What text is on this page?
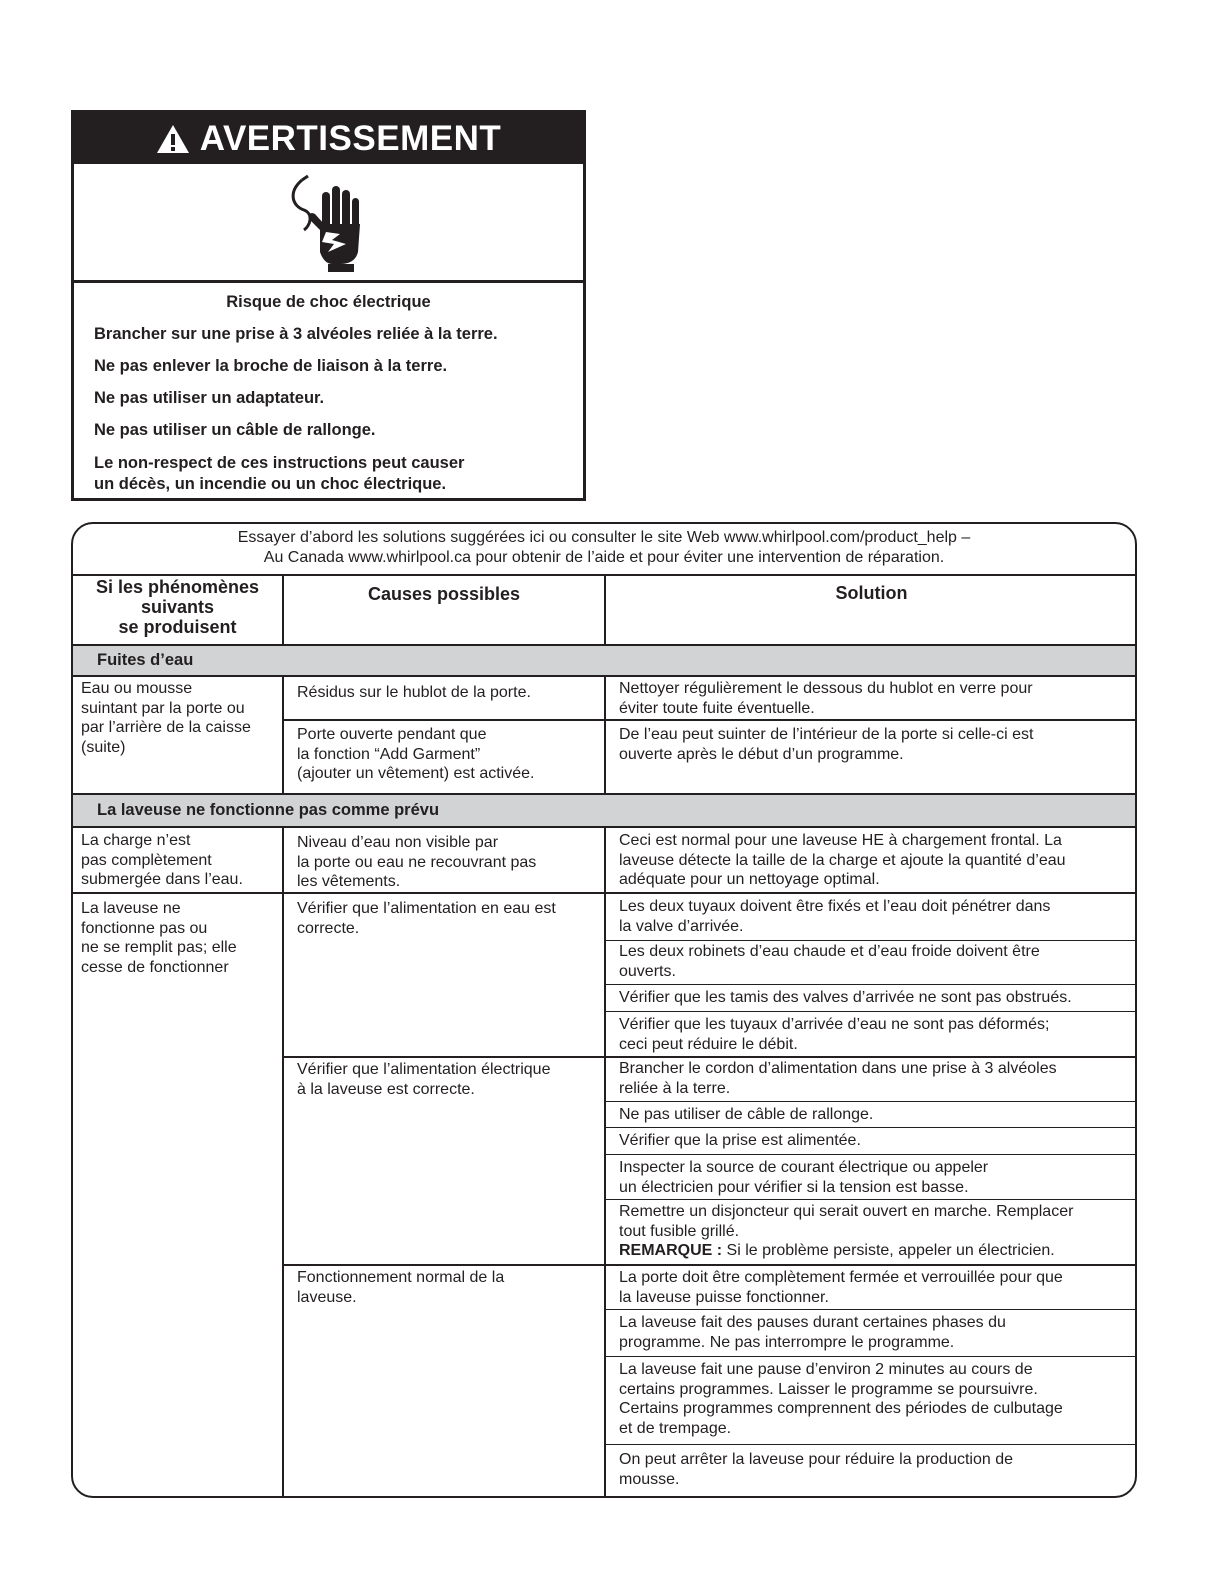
AVERTISSEMENT
Risque de choc électrique
Brancher sur une prise à 3 alvéoles reliée à la terre.
Ne pas enlever la broche de liaison à la terre.
Ne pas utiliser un adaptateur.
Ne pas utiliser un câble de rallonge.
Le non-respect de ces instructions peut causer
un décès, un incendie ou un choc électrique.
Essayer d’abord les solutions suggérées ici ou consulter le site Web www.whirlpool.com/product_help –
Au Canada www.whirlpool.ca pour obtenir de l’aide et pour éviter une intervention de réparation.
Si les phénomènes
suivants
se produisent
Causes possibles	Solution
Fuites d’eau
La laveuse ne fonctionne pas comme prévu
Eau ou mousse
suintant par la porte ou
par l’arrière de la caisse
(suite)
Résidus sur le hublot de la porte.	Nettoyer régulièrement le dessous du hublot en verre pour
éviter toute fuite éventuelle.
Porte ouverte pendant que
la fonction “Add Garment”
(ajouter un vêtement) est activée.
De l’eau peut suinter de l’intérieur de la porte si celle-ci est
ouverte après le début d’un programme.
La charge n’est
pas complètement
submergée dans l’eau.
Niveau d’eau non visible par
la porte ou eau ne recouvrant pas
les vêtements.
Ceci est normal pour une laveuse HE à chargement frontal. La
laveuse détecte la taille de la charge et ajoute la quantité d’eau
adéquate pour un nettoyage optimal.
La laveuse ne
fonctionne pas ou
ne se remplit pas; elle
cesse de fonctionner
Vérifier que l’alimentation en eau est
correcte.
Les deux tuyaux doivent être fixés et l’eau doit pénétrer dans
la valve d’arrivée.
Les deux robinets d’eau chaude et d’eau froide doivent être
ouverts.
Vérifier que les tamis des valves d’arrivée ne sont pas obstrués.
Vérifier que les tuyaux d’arrivée d’eau ne sont pas déformés;
ceci peut réduire le débit.
Vérifier que l’alimentation électrique
à la laveuse est correcte.
Brancher le cordon d’alimentation dans une prise à 3 alvéoles
reliée à la terre.
Ne pas utiliser de câble de rallonge.
Vérifier que la prise est alimentée.
Inspecter la source de courant électrique ou appeler
un électricien pour vérifier si la tension est basse.
Remettre un disjoncteur qui serait ouvert en marche. Remplacer
tout fusible grillé.
REMARQUE : Si le problème persiste, appeler un électricien.
Fonctionnement normal de la
laveuse.
La porte doit être complètement fermée et verrouillée pour que
la laveuse puisse fonctionner.
La laveuse fait des pauses durant certaines phases du
programme. Ne pas interrompre le programme.
La laveuse fait une pause d’environ 2 minutes au cours de
certains programmes. Laisser le programme se poursuivre.
Certains programmes comprennent des périodes de culbutage
et de trempage.
On peut arrêter la laveuse pour réduire la production de
mousse.
